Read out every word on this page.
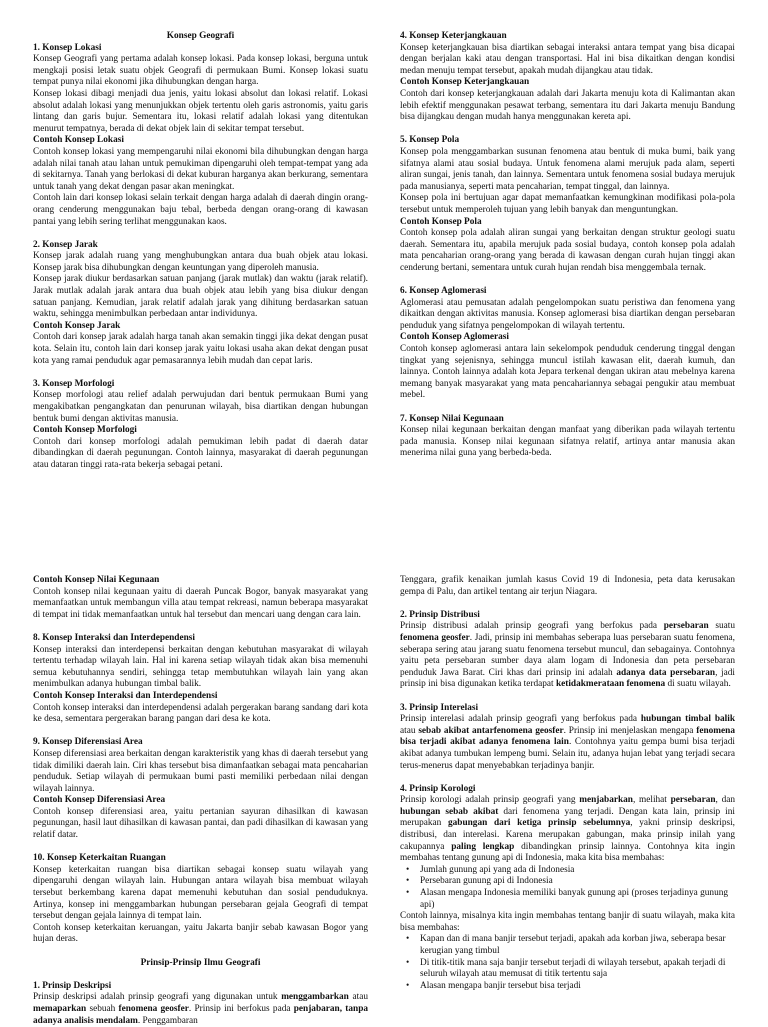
Konsep Geografi
1. Konsep Lokasi

Konsep Geografi yang pertama adalah konsep lokasi. Pada konsep lokasi, berguna untuk mengkaji posisi letak suatu objek Geografi di permukaan Bumi. Konsep lokasi suatu tempat punya nilai ekonomi jika dihubungkan dengan harga.

Konsep lokasi dibagi menjadi dua jenis, yaitu lokasi absolut dan lokasi relatif. Lokasi absolut adalah lokasi yang menunjukkan objek tertentu oleh garis astronomis, yaitu garis lintang dan garis bujur. Sementara itu, lokasi relatif adalah lokasi yang ditentukan menurut tempatnya, berada di dekat objek lain di sekitar tempat tersebut.

Contoh Konsep Lokasi

Contoh konsep lokasi yang mempengaruhi nilai ekonomi bila dihubungkan dengan harga adalah nilai tanah atau lahan untuk pemukiman dipengaruhi oleh tempat-tempat yang ada di sekitarnya. Tanah yang berlokasi di dekat kuburan harganya akan berkurang, sementara untuk tanah yang dekat dengan pasar akan meningkat.

Contoh lain dari konsep lokasi selain terkait dengan harga adalah di daerah dingin orang-orang cenderung menggunakan baju tebal, berbeda dengan orang-orang di kawasan pantai yang lebih sering terlihat menggunakan kaos.

2. Konsep Jarak

Konsep jarak adalah ruang yang menghubungkan antara dua buah objek atau lokasi. Konsep jarak bisa dihubungkan dengan keuntungan yang diperoleh manusia.

Konsep jarak diukur berdasarkan satuan panjang (jarak mutlak) dan waktu (jarak relatif). Jarak mutlak adalah jarak antara dua buah objek atau lebih yang bisa diukur dengan satuan panjang. Kemudian, jarak relatif adalah jarak yang dihitung berdasarkan satuan waktu, sehingga menimbulkan perbedaan antar individunya.

Contoh Konsep Jarak

Contoh dari konsep jarak adalah harga tanah akan semakin tinggi jika dekat dengan pusat kota. Selain itu, contoh lain dari konsep jarak yaitu lokasi usaha akan dekat dengan pusat kota yang ramai penduduk agar pemasarannya lebih mudah dan cepat laris.

3. Konsep Morfologi

Konsep morfologi atau relief adalah perwujudan dari bentuk permukaan Bumi yang mengakibatkan pengangkatan dan penurunan wilayah, bisa diartikan dengan hubungan bentuk bumi dengan aktivitas manusia.

Contoh Konsep Morfologi

Contoh dari konsep morfologi adalah pemukiman lebih padat di daerah datar dibandingkan di daerah pegunungan. Contoh lainnya, masyarakat di daerah pegunungan atau dataran tinggi rata-rata bekerja sebagai petani.

4. Konsep Keterjangkauan

Konsep keterjangkauan bisa diartikan sebagai interaksi antara tempat yang bisa dicapai dengan berjalan kaki atau dengan transportasi. Hal ini bisa dikaitkan dengan kondisi medan menuju tempat tersebut, apakah mudah dijangkau atau tidak.

Contoh Konsep Keterjangkauan

Contoh dari konsep keterjangkauan adalah dari Jakarta menuju kota di Kalimantan akan lebih efektif menggunakan pesawat terbang, sementara itu dari Jakarta menuju Bandung bisa dijangkau dengan mudah hanya menggunakan kereta api.

5. Konsep Pola

Konsep pola menggambarkan susunan fenomena atau bentuk di muka bumi, baik yang sifatnya alami atau sosial budaya. Untuk fenomena alami merujuk pada alam, seperti aliran sungai, jenis tanah, dan lainnya. Sementara untuk fenomena sosial budaya merujuk pada manusianya, seperti mata pencaharian, tempat tinggal, dan lainnya.

Konsep pola ini bertujuan agar dapat memanfaatkan kemungkinan modifikasi pola-pola tersebut untuk memperoleh tujuan yang lebih banyak dan menguntungkan.

Contoh Konsep Pola

Contoh konsep pola adalah aliran sungai yang berkaitan dengan struktur geologi suatu daerah. Sementara itu, apabila merujuk pada sosial budaya, contoh konsep pola adalah mata pencaharian orang-orang yang berada di kawasan dengan curah hujan tinggi akan cenderung bertani, sementara untuk curah hujan rendah bisa menggembala ternak.

6. Konsep Aglomerasi

Aglomerasi atau pemusatan adalah pengelompokan suatu peristiwa dan fenomena yang dikaitkan dengan aktivitas manusia. Konsep aglomerasi bisa diartikan dengan persebaran penduduk yang sifatnya pengelompokan di wilayah tertentu.

Contoh Konsep Aglomerasi

Contoh konsep aglomerasi antara lain sekelompok penduduk cenderung tinggal dengan tingkat yang sejenisnya, sehingga muncul istilah kawasan elit, daerah kumuh, dan lainnya. Contoh lainnya adalah kota Jepara terkenal dengan ukiran atau mebelnya karena memang banyak masyarakat yang mata pencahariannya sebagai pengukir atau membuat mebel.

7. Konsep Nilai Kegunaan

Konsep nilai kegunaan berkaitan dengan manfaat yang diberikan pada wilayah tertentu pada manusia. Konsep nilai kegunaan sifatnya relatif, artinya antar manusia akan menerima nilai guna yang berbeda-beda.

Contoh Konsep Nilai Kegunaan

Contoh konsep nilai kegunaan yaitu di daerah Puncak Bogor, banyak masyarakat yang memanfaatkan untuk membangun villa atau tempat rekreasi, namun beberapa masyarakat di tempat ini tidak memanfaatkan untuk hal tersebut dan mencari uang dengan cara lain.

8. Konsep Interaksi dan Interdependensi

Konsep interaksi dan interdepensi berkaitan dengan kebutuhan masyarakat di wilayah tertentu terhadap wilayah lain. Hal ini karena setiap wilayah tidak akan bisa memenuhi semua kebutuhannya sendiri, sehingga tetap membutuhkan wilayah lain yang akan menimbulkan adanya hubungan timbal balik.

Contoh Konsep Interaksi dan Interdependensi

Contoh konsep interaksi dan interdependensi adalah pergerakan barang sandang dari kota ke desa, sementara pergerakan barang pangan dari desa ke kota.

9. Konsep Diferensiasi Area

Konsep diferensiasi area berkaitan dengan karakteristik yang khas di daerah tersebut yang tidak dimiliki daerah lain. Ciri khas tersebut bisa dimanfaatkan sebagai mata pencaharian penduduk. Setiap wilayah di permukaan bumi pasti memiliki perbedaan nilai dengan wilayah lainnya.

Contoh Konsep Diferensiasi Area

Contoh konsep diferensiasi area, yaitu pertanian sayuran dihasilkan di kawasan pegunungan, hasil laut dihasilkan di kawasan pantai, dan padi dihasilkan di kawasan yang relatif datar.

10. Konsep Keterkaitan Ruangan

Konsep keterkaitan ruangan bisa diartikan sebagai konsep suatu wilayah yang dipengaruhi dengan wilayah lain. Hubungan antara wilayah bisa membuat wilayah tersebut berkembang karena dapat memenuhi kebutuhan dan sosial penduduknya. Artinya, konsep ini menggambarkan hubungan persebaran gejala Geografi di tempat tersebut dengan gejala lainnya di tempat lain.

Contoh konsep keterkaitan keruangan, yaitu Jakarta banjir sebab kawasan Bogor yang hujan deras.

Prinsip-Prinsip Ilmu Geografi
1. Prinsip Deskripsi

Prinsip deskripsi adalah prinsip geografi yang digunakan untuk menggambarkan atau memaparkan sebuah fenomena geosfer. Prinsip ini berfokus pada penjabaran, tanpa adanya analisis mendalam. Penggambaran

Tenggara, grafik kenaikan jumlah kasus Covid 19 di Indonesia, peta data kerusakan gempa di Palu, dan artikel tentang air terjun Niagara.

2. Prinsip Distribusi

Prinsip distribusi adalah prinsip geografi yang berfokus pada persebaran suatu fenomena geosfer. Jadi, prinsip ini membahas seberapa luas persebaran suatu fenomena, seberapa sering atau jarang suatu fenomena tersebut muncul, dan sebagainya. Contohnya yaitu peta persebaran sumber daya alam logam di Indonesia dan peta persebaran penduduk Jawa Barat. Ciri khas dari prinsip ini adalah adanya data persebaran, jadi prinsip ini bisa digunakan ketika terdapat ketidakmerataan fenomena di suatu wilayah.

3. Prinsip Interelasi

Prinsip interelasi adalah prinsip geografi yang berfokus pada hubungan timbal balik atau sebab akibat antarfenomena geosfer. Prinsip ini menjelaskan mengapa fenomena bisa terjadi akibat adanya fenomena lain. Contohnya yaitu gempa bumi bisa terjadi akibat adanya tumbukan lempeng bumi. Selain itu, adanya hujan lebat yang terjadi secara terus-menerus dapat menyebabkan terjadinya banjir.

4. Prinsip Korologi

Prinsip korologi adalah prinsip geografi yang menjabarkan, melihat persebaran, dan hubungan sebab akibat dari fenomena yang terjadi. Dengan kata lain, prinsip ini merupakan gabungan dari ketiga prinsip sebelumnya, yakni prinsip deskripsi, distribusi, dan interelasi. Karena merupakan gabungan, maka prinsip inilah yang cakupannya paling lengkap dibandingkan prinsip lainnya. Contohnya kita ingin membahas tentang gunung api di Indonesia, maka kita bisa membahas:

• Jumlah gunung api yang ada di Indonesia
• Persebaran gunung api di Indonesia
• Alasan mengapa Indonesia memiliki banyak gunung api (proses terjadinya gunung api)

Contoh lainnya, misalnya kita ingin membahas tentang banjir di suatu wilayah, maka kita bisa membahas:

• Kapan dan di mana banjir tersebut terjadi, apakah ada korban jiwa, seberapa besar kerugian yang timbul
• Di titik-titik mana saja banjir tersebut terjadi di wilayah tersebut, apakah terjadi di seluruh wilayah atau memusat di titik tertentu saja
• Alasan mengapa banjir tersebut bisa terjadi
